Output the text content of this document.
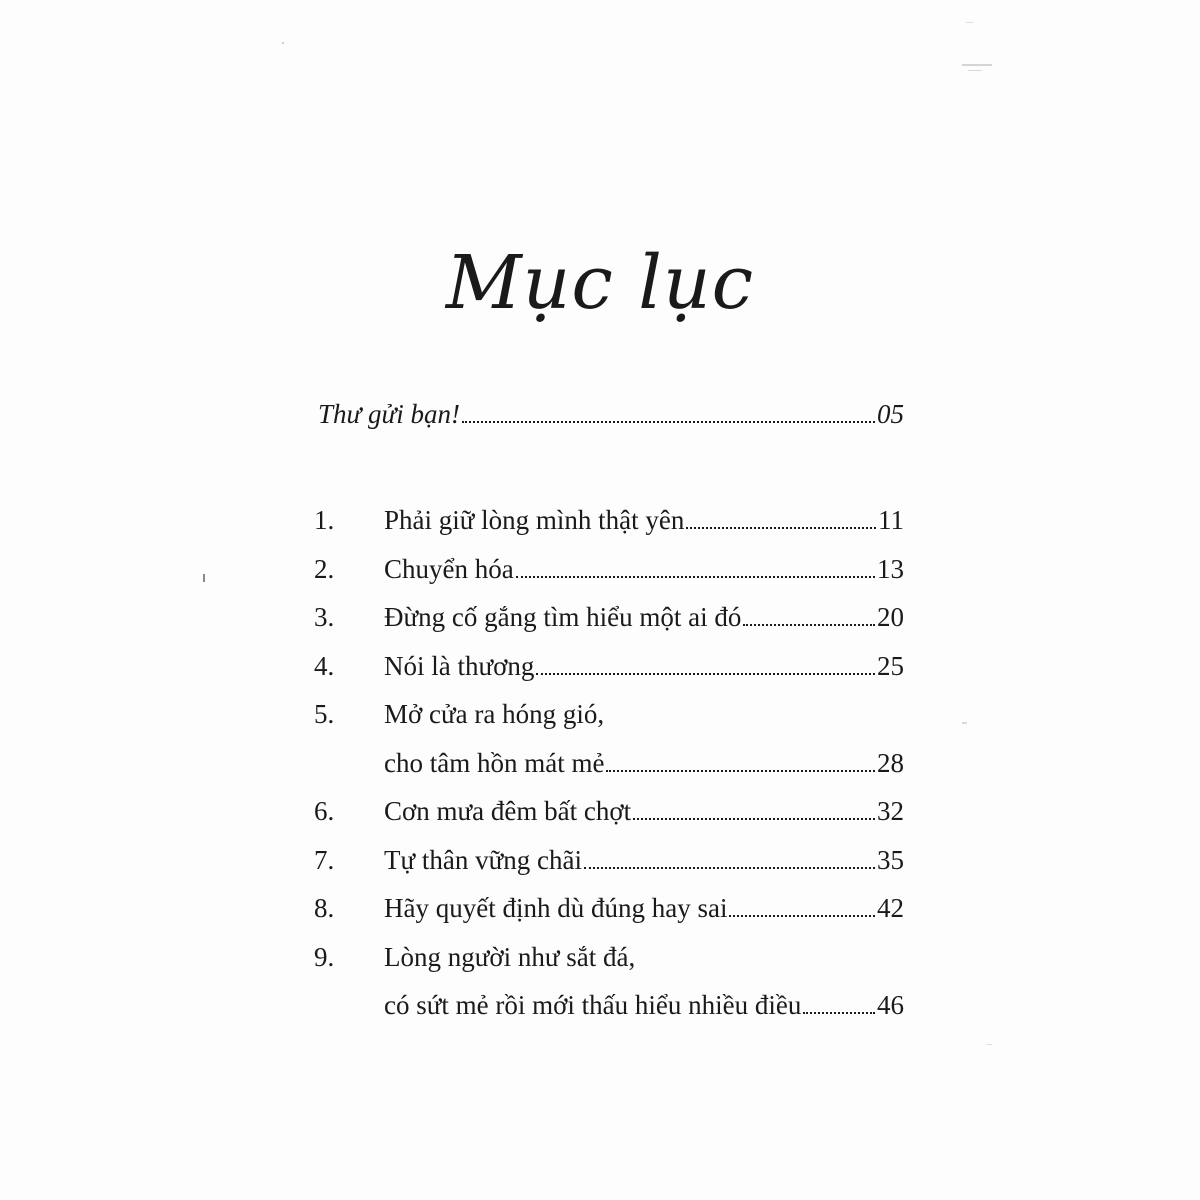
Mục lục
Thư gửi bạn!	05
1.	Phải giữ lòng mình thật yên	11
2.	Chuyển hóa	13
3.	Đừng cố gắng tìm hiểu một ai đó	20
4.	Nói là thương	25
5.	Mở cửa ra hóng gió,
cho tâm hồn mát mẻ	28
6.	Cơn mưa đêm bất chợt	32
7.	Tự thân vững chãi	35
8.	Hãy quyết định dù đúng hay sai	42
9.	Lòng người như sắt đá,
có sứt mẻ rồi mới thấu hiểu nhiều điều	46
